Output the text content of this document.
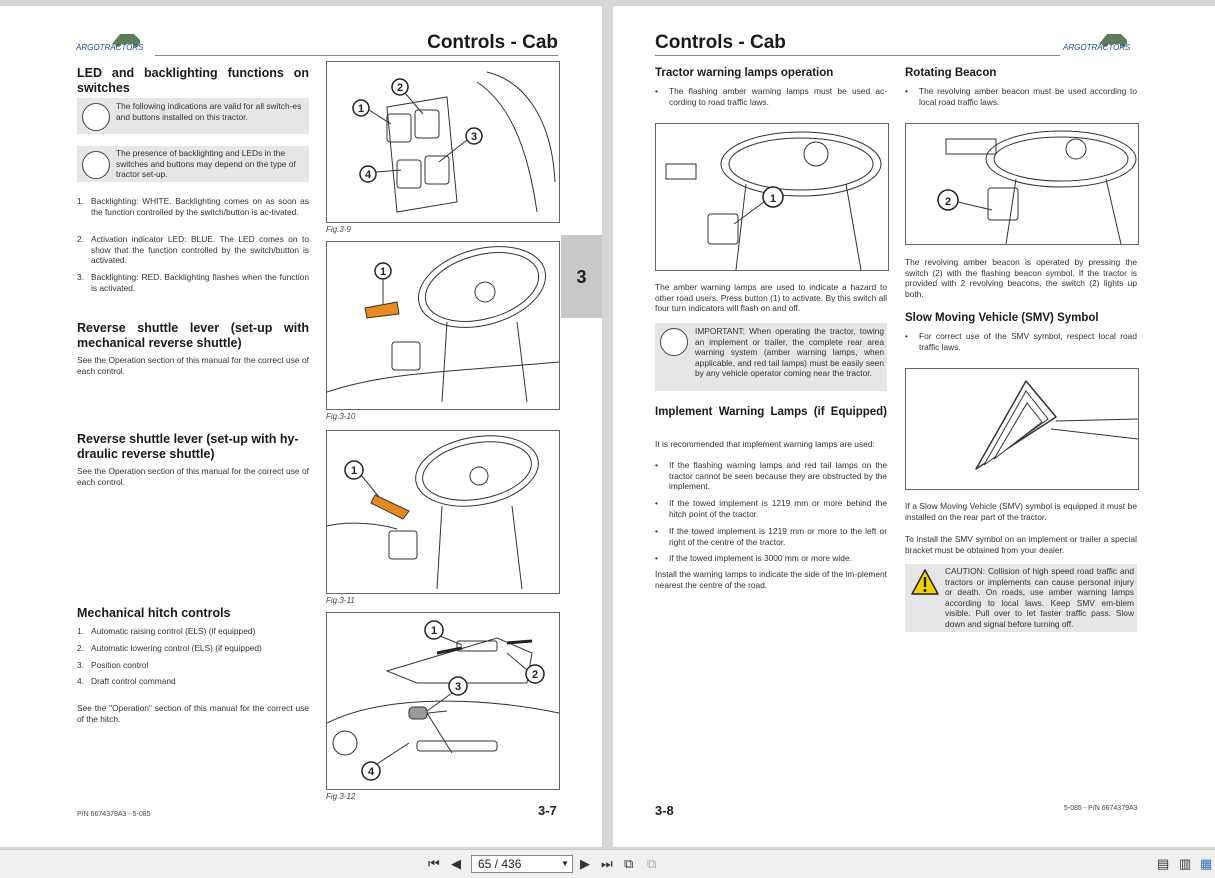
ARGOTRACTORS	Controls - Cab
LED and backlighting functions on switches
The following indications are valid for all switch-es and buttons installed on this tractor.
The presence of backlighting and LEDs in the switches and buttons may depend on the type of tractor set-up.
1. Backlighting: WHITE. Backlighting comes on as soon as the function controlled by the switch/button is ac-tivated.
2. Activation indicator LED: BLUE. The LED comes on to show that the function controlled by the switch/button is activated.
3. Backlighting: RED. Backlighting flashes when the function is activated.
Reverse shuttle lever (set-up with mechanical reverse shuttle)
See the Operation section of this manual for the correct use of each control.
Reverse shuttle lever (set-up with hy-draulic reverse shuttle)
See the Operation section of this manual for the correct use of each control.
Mechanical hitch controls
1. Automatic raising control (ELS) (if equipped)
2. Automatic lowering control (ELS) (if equipped)
3. Position control
4. Draft control command
See the "Operation" section of this manual for the correct use of the hitch.
1
2
3
4
Fig.3-9
1
Fig.3-10
1
Fig.3-11
1
2
3
4
Fig.3-12
P/N 6674379A3 - 5-085	3-7
3
Controls - Cab	ARGOTRACTORS
Tractor warning lamps operation
• The flashing amber warning lamps must be used ac-cording to road traffic laws.
1
The amber warning lamps are used to indicate a hazard to other road users. Press button (1) to activate. By this switch all four turn indicators will flash on and off.
IMPORTANT: When operating the tractor, towing an implement or trailer, the complete rear area warning system (amber warning lamps, when applicable, and red tail lamps) must be easily seen by any vehicle operator coming near the tractor.
Implement Warning Lamps (if Equipped)
It is recommended that implement warning lamps are used:
• If the flashing warning lamps and red tail lamps on the tractor cannot be seen because they are obstructed by the implement.
• If the towed implement is 1219 mm or more behind the hitch point of the tractor.
• If the towed implement is 1219 mm or more to the left or right of the centre of the tractor.
• If the towed implement is 3000 mm or more wide.
Install the warning lamps to indicate the side of the im-plement nearest the centre of the road.
Rotating Beacon
• The revolving amber beacon must be used according to local road traffic laws.
2
The revolving amber beacon is operated by pressing the switch (2) with the flashing beacon symbol. If the tractor is provided with 2 revolving beacons, the switch (2) lights up both.
Slow Moving Vehicle (SMV) Symbol
• For correct use of the SMV symbol, respect local road traffic laws.
If a Slow Moving Vehicle (SMV) symbol is equipped it must be installed on the rear part of the tractor.
To install the SMV symbol on an implement or trailer a special bracket must be obtained from your dealer.
CAUTION: Collision of high speed road traffic and tractors or implements can cause personal injury or death. On roads, use amber warning lamps according to local laws. Keep SMV em-blem visible. Pull over to let faster traffic pass. Slow down and signal before turning off.
3-8	5-085 - P/N 6674379A3
⏮ ◀ 65 / 436	▼ ▶ ⏭ ⧉ ⧉	▤ ▥ ▦
